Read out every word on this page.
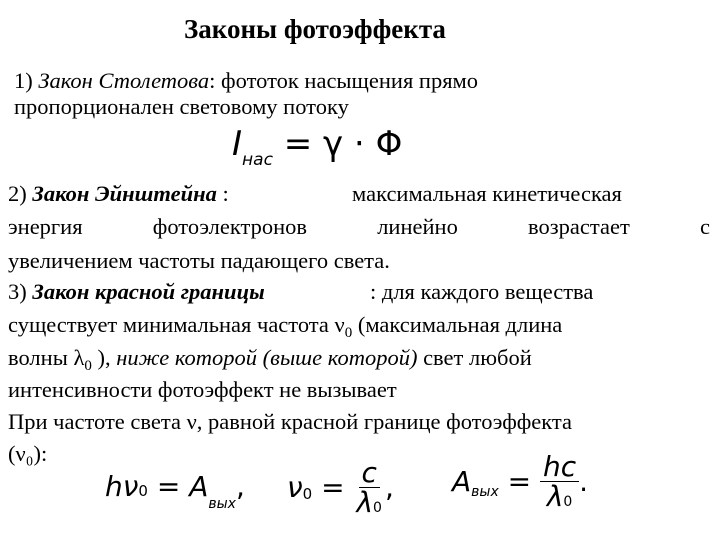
Законы фотоэффекта
1) Закон Столетова: фототок насыщения прямо
пропорционален световому потоку
$I_{нас} = \gamma \cdot \Phi$
2) Закон Эйнштейна :	максимальная кинетическая
энергия	фотоэлектронов	линейно	возрастает	с
увеличением частоты падающего света.
3) Закон красной границы	: для каждого вещества
существует минимальная частота $\nu_0$ (максимальная длина
волны $\lambda_0$ ), ниже которой (выше которой) свет любой
интенсивности фотоэффект не вызывает
При частоте света ν, равной красной границе фотоэффекта
(ν₀):
$h\nu 0 = A_{вых}$, ν $0 = \frac{c}{\lambda 0}$ , A вых = $\frac{hc}{\lambda 0}$ .
